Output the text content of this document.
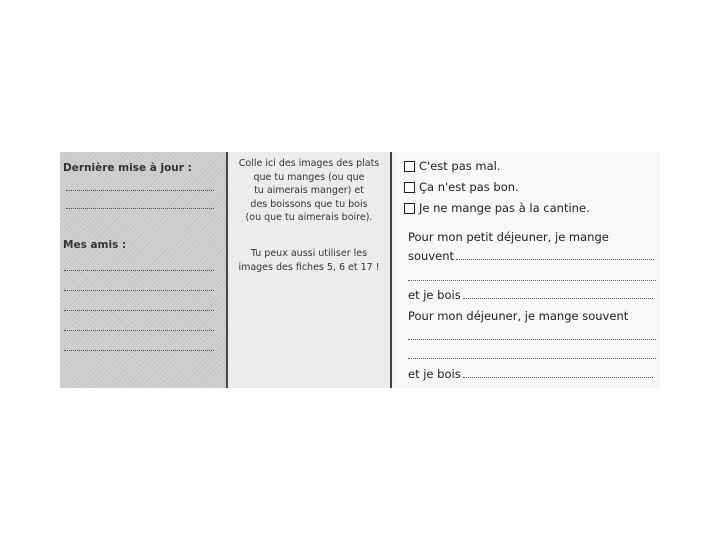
Dernière mise à jour :
Mes amis :
Colle ici des images des plats
que tu manges (ou que
tu aimerais manger) et
des boissons que tu bois
(ou que tu aimerais boire).
Tu peux aussi utiliser les
images des fiches 5, 6 et 17 !
C'est pas mal.
Ça n'est pas bon.
Je ne mange pas à la cantine.
Pour mon petit déjeuner, je mange
souvent
et je bois
Pour mon déjeuner, je mange souvent
et je bois
